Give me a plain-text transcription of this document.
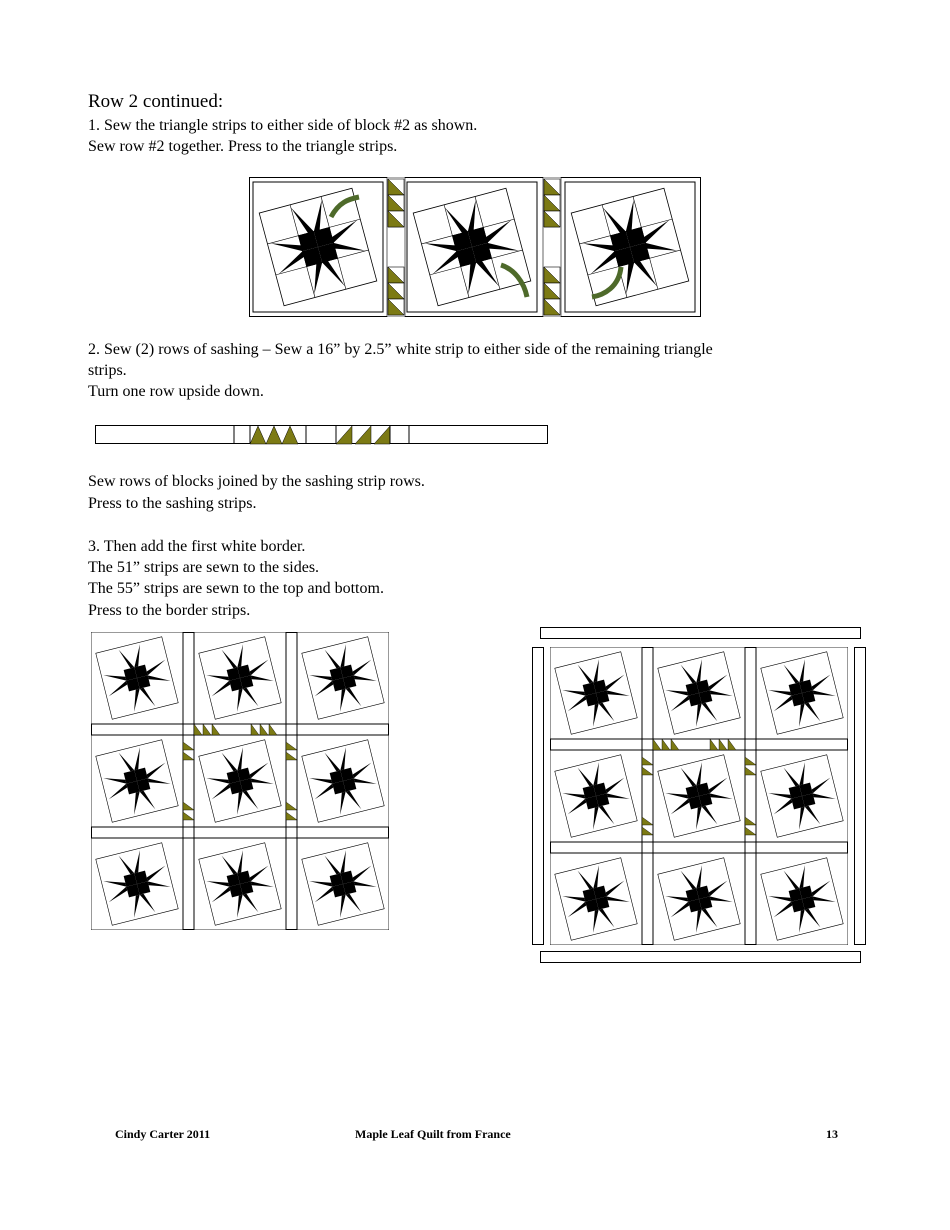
Row 2 continued:
1. Sew the triangle strips to either side of block #2 as shown.
Sew row #2 together. Press to the triangle strips.
2. Sew (2) rows of sashing – Sew a 16” by 2.5” white strip to either side of the remaining triangle
strips.
Turn one row upside down.
Sew rows of blocks joined by the sashing strip rows.
Press to the sashing strips.
3. Then add the first white border.
The 51” strips are sewn to the sides.
The 55” strips are sewn to the top and bottom.
Press to the border strips.
Cindy Carter 2011	Maple Leaf Quilt from France	13
